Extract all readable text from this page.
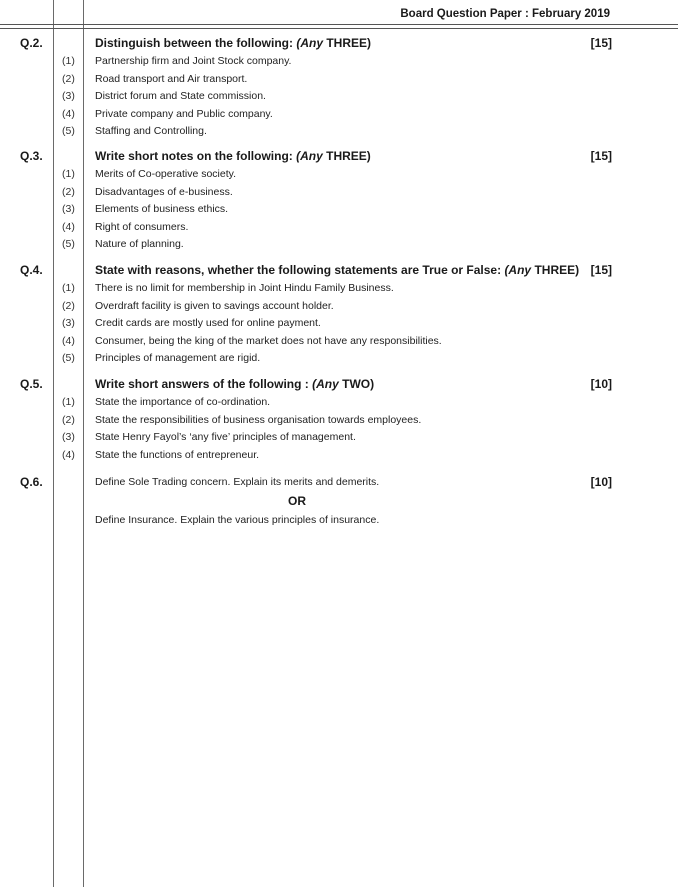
Board Question Paper : February 2019
Q.2.	Distinguish between the following: (Any THREE)	[15]
(1) Partnership firm and Joint Stock company.
(2) Road transport and Air transport.
(3) District forum and State commission.
(4) Private company and Public company.
(5) Staffing and Controlling.
Q.3.	Write short notes on the following: (Any THREE)	[15]
(1) Merits of Co-operative society.
(2) Disadvantages of e-business.
(3) Elements of business ethics.
(4) Right of consumers.
(5) Nature of planning.
Q.4.	State with reasons, whether the following statements are True or False: (Any THREE) [15]
(1) There is no limit for membership in Joint Hindu Family Business.
(2) Overdraft facility is given to savings account holder.
(3) Credit cards are mostly used for online payment.
(4) Consumer, being the king of the market does not have any responsibilities.
(5) Principles of management are rigid.
Q.5.	Write short answers of the following : (Any TWO)	[10]
(1) State the importance of co-ordination.
(2) State the responsibilities of business organisation towards employees.
(3) State Henry Fayol’s ‘any five’ principles of management.
(4) State the functions of entrepreneur.
Q.6.	Define Sole Trading concern. Explain its merits and demerits.	[10]
OR
Define Insurance. Explain the various principles of insurance.
